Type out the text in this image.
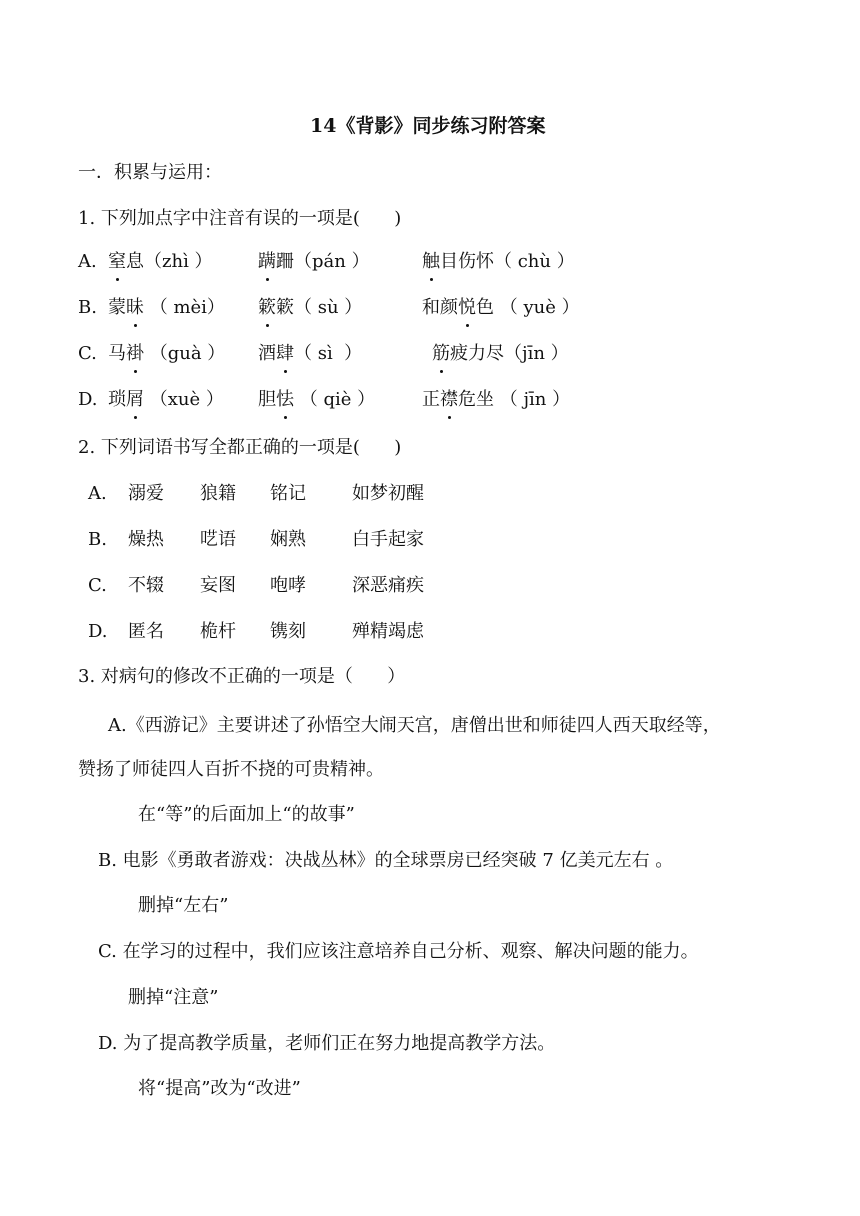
14《背影》同步练习附答案
一．积累与运用：
1. 下列加点字中注音有误的一项是(      )
A. 窒息（zhì ）	蹒跚（pán ）	触目伤怀（ chù ）
B. 蒙昧 （ mèi） 簌簌（ sù ）	和颜悦色 （ yuè ）
C. 马褂 （guà ） 酒肆（ sì  ）	筋疲力尽（jīn ）
D. 琐屑 （xuè ） 胆怯 （ qiè ）	正襟危坐 （ jīn ）
2. 下列词语书写全都正确的一项是(      )
A. 溺爱 狼籍 铭记	如梦初醒
B. 燥热 呓语 娴熟	白手起家
C. 不辍 妄图 咆哮	深恶痛疾
D. 匿名 桅杆 镌刻	殚精竭虑
3. 对病句的修改不正确的一项是（      ）
A.《西游记》主要讲述了孙悟空大闹天宫，唐僧出世和师徒四人西天取经等，
赞扬了师徒四人百折不挠的可贵精神。
在“等”的后面加上“的故事”
B. 电影《勇敢者游戏：决战丛林》的全球票房已经突破 7 亿美元左右 。
删掉“左右”
C. 在学习的过程中，我们应该注意培养自己分析、观察、解决问题的能力。
删掉“注意”
D. 为了提高教学质量，老师们正在努力地提高教学方法。
将“提高”改为“改进”
